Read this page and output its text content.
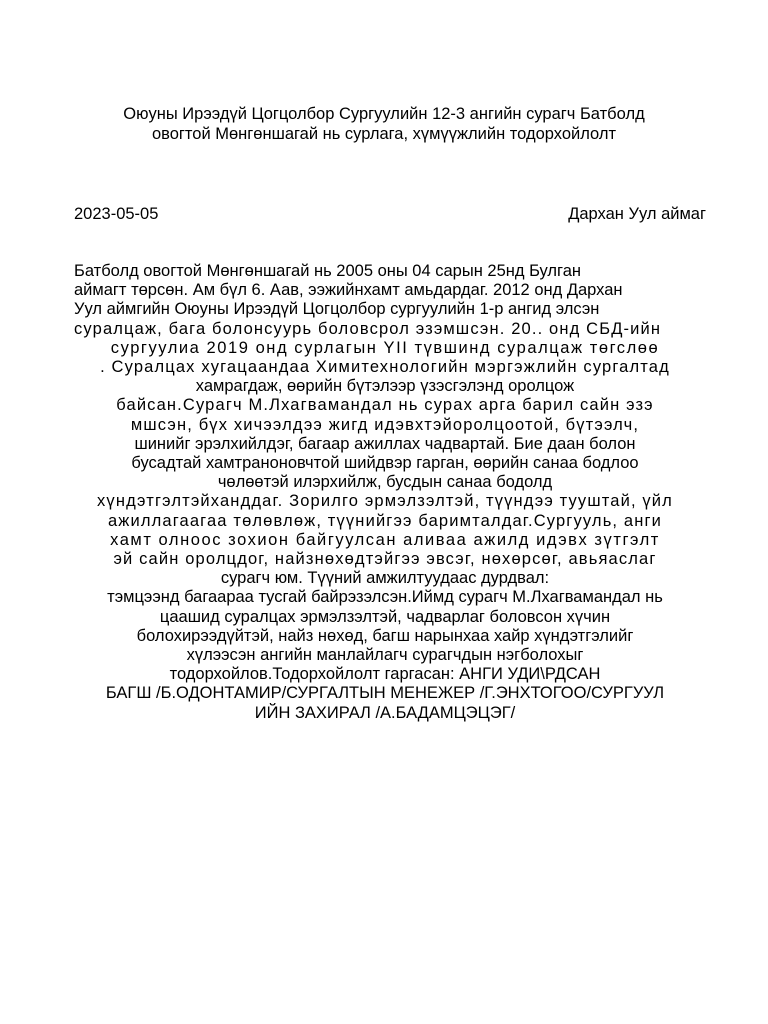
Оюуны Ирээдүй Цогцолбор Сургуулийн 12-3 ангийн сурагч Батболд
овогтой Мөнгөншагай нь сурлага, хүмүүжлийн тодорхойлолт
2023-05-05	Дархан Уул аймаг
Батболд овогтой Мөнгөншагай нь 2005 оны 04 сарын 25нд Булган
аймагт төрсөн. Ам бүл 6. Аав, ээжийнхамт амьдардаг. 2012 онд Дархан
Уул аймгийн Оюуны Ирээдүй Цогцолбор сургуулийн 1-р ангид элсэн
суралцаж, бага болонсуурь боловсрол эзэмшсэн. 20.. онд СБД-ийн
сургуулиа 2019 онд сурлагын YII түвшинд суралцаж төгслөө
. Суралцах хугацаандаа Химитехнологийн мэргэжлийн сургалтад
хамрагдаж, өөрийн бүтэлээр үзэсгэлэнд оролцож
байсан.Сурагч М.Лхагвамандал нь сурах арга барил сайн эзэ
мшсэн, бүх хичээлдээ жигд идэвхтэйоролцоотой, бүтээлч,
шинийг эрэлхийлдэг, багаар ажиллах чадвартай. Бие даан болон
бусадтай хамтраноновчтой шийдвэр гарган, өөрийн санаа бодлоо
чөлөөтэй илэрхийлж, бусдын санаа бодолд
хүндэтгэлтэйханддаг. Зорилго эрмэлзэлтэй, түүндээ тууштай, үйл
ажиллагаагаа төлөвлөж, түүнийгээ баримталдаг.Сургууль, анги
хамт олноос зохион байгуулсан аливаа ажилд идэвх зүтгэлт
эй сайн оролцдог, найзнөхөдтэйгээ эвсэг, нөхөрсөг, авьяаслаг
сурагч юм. Түүний амжилтуудаас дурдвал:
тэмцээнд багаараа тусгай байрэзэлсэн.Иймд сурагч М.Лхагвамандал нь
цаашид суралцах эрмэлзэлтэй, чадварлаг боловсон хүчин
болохирээдүйтэй, найз нөхөд, багш нарынхаа хайр хүндэтгэлийг
хүлээсэн ангийн манлайлагч сурагчдын нэгболохыг
тодорхойлов.Тодорхойлолт гаргасан: АНГИ УДИ\РДСАН
БАГШ /Б.ОДОНТАМИР/СУРГАЛТЫН МЕНЕЖЕР /Г.ЭНХТОГОО/СУРГУУЛ
ИЙН ЗАХИРАЛ /А.БАДАМЦЭЦЭГ/
